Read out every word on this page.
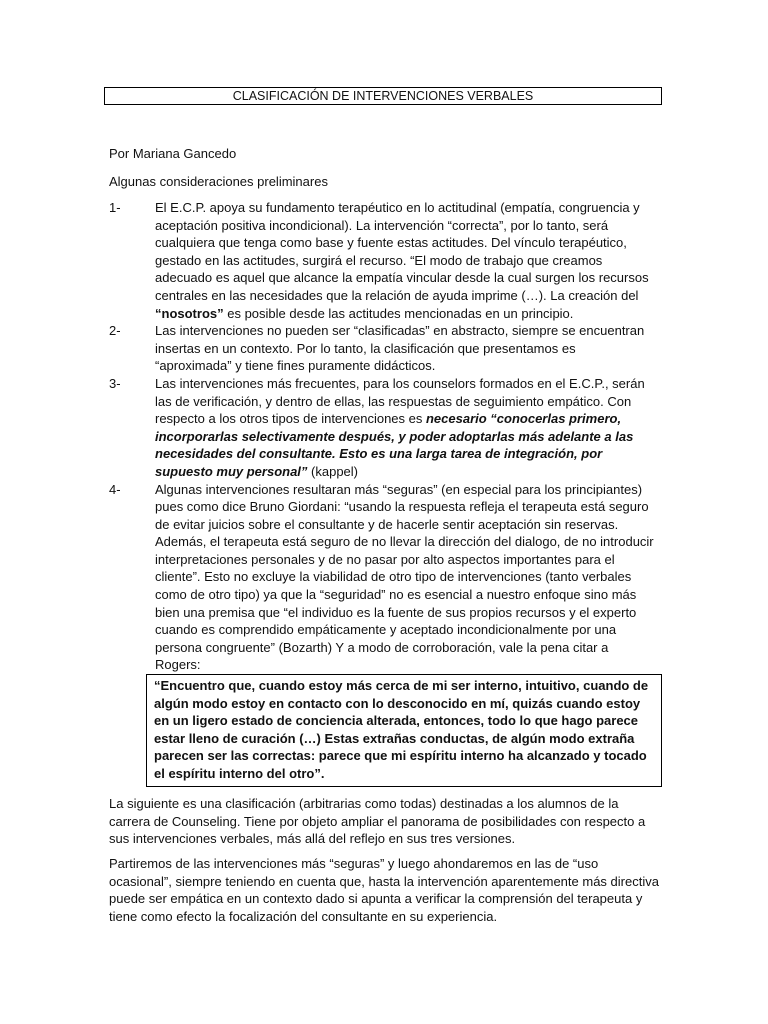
CLASIFICACIÓN DE INTERVENCIONES VERBALES
Por Mariana Gancedo
Algunas consideraciones preliminares
1-	El E.C.P. apoya su fundamento terapéutico en lo actitudinal (empatía, congruencia y aceptación positiva incondicional). La intervención “correcta”, por lo tanto, será cualquiera que tenga como base y fuente estas actitudes. Del vínculo terapéutico, gestado en las actitudes, surgirá el recurso. “El modo de trabajo que creamos adecuado es aquel que alcance la empatía vincular desde la cual surgen los recursos centrales en las necesidades que la relación de ayuda imprime (…). La creación del “nosotros” es posible desde las actitudes mencionadas en un principio.
2-	Las intervenciones no pueden ser “clasificadas” en abstracto, siempre se encuentran insertas en un contexto. Por lo tanto, la clasificación que presentamos es “aproximada” y tiene fines puramente didácticos.
3-	Las intervenciones más frecuentes, para los counselors formados en el E.C.P., serán las de verificación, y dentro de ellas, las respuestas de seguimiento empático. Con respecto a los otros tipos de intervenciones es necesario “conocerlas primero, incorporarlas selectivamente después, y poder adoptarlas más adelante a las necesidades del consultante. Esto es una larga tarea de integración, por supuesto muy personal” (kappel)
4-	Algunas intervenciones resultaran más “seguras” (en especial para los principiantes) pues como dice Bruno Giordani: “usando la respuesta refleja el terapeuta está seguro de evitar juicios sobre el consultante y de hacerle sentir aceptación sin reservas. Además, el terapeuta está seguro de no llevar la dirección del dialogo, de no introducir interpretaciones personales y de no pasar por alto aspectos importantes para el cliente”. Esto no excluye la viabilidad de otro tipo de intervenciones (tanto verbales como de otro tipo) ya que la “seguridad” no es esencial a nuestro enfoque sino más bien una premisa que “el individuo es la fuente de sus propios recursos y el experto cuando es comprendido empáticamente y aceptado incondicionalmente por una persona congruente” (Bozarth) Y a modo de corroboración, vale la pena citar a Rogers:
“Encuentro que, cuando estoy más cerca de mi ser interno, intuitivo, cuando de algún modo estoy en contacto con lo desconocido en mí, quizás cuando estoy en un ligero estado de conciencia alterada, entonces, todo lo que hago parece estar lleno de curación (…) Estas extrañas conductas, de algún modo extraña parecen ser las correctas: parece que mi espíritu interno ha alcanzado y tocado el espíritu interno del otro”.
La siguiente es una clasificación (arbitrarias como todas) destinadas a los alumnos de la carrera de Counseling. Tiene por objeto ampliar el panorama de posibilidades con respecto a sus intervenciones verbales, más allá del reflejo en sus tres versiones.
Partiremos de las intervenciones más “seguras” y luego ahondaremos en las de “uso ocasional”, siempre teniendo en cuenta que, hasta la intervención aparentemente más directiva puede ser empática en un contexto dado si apunta a verificar la comprensión del terapeuta y tiene como efecto la focalización del consultante en su experiencia.
